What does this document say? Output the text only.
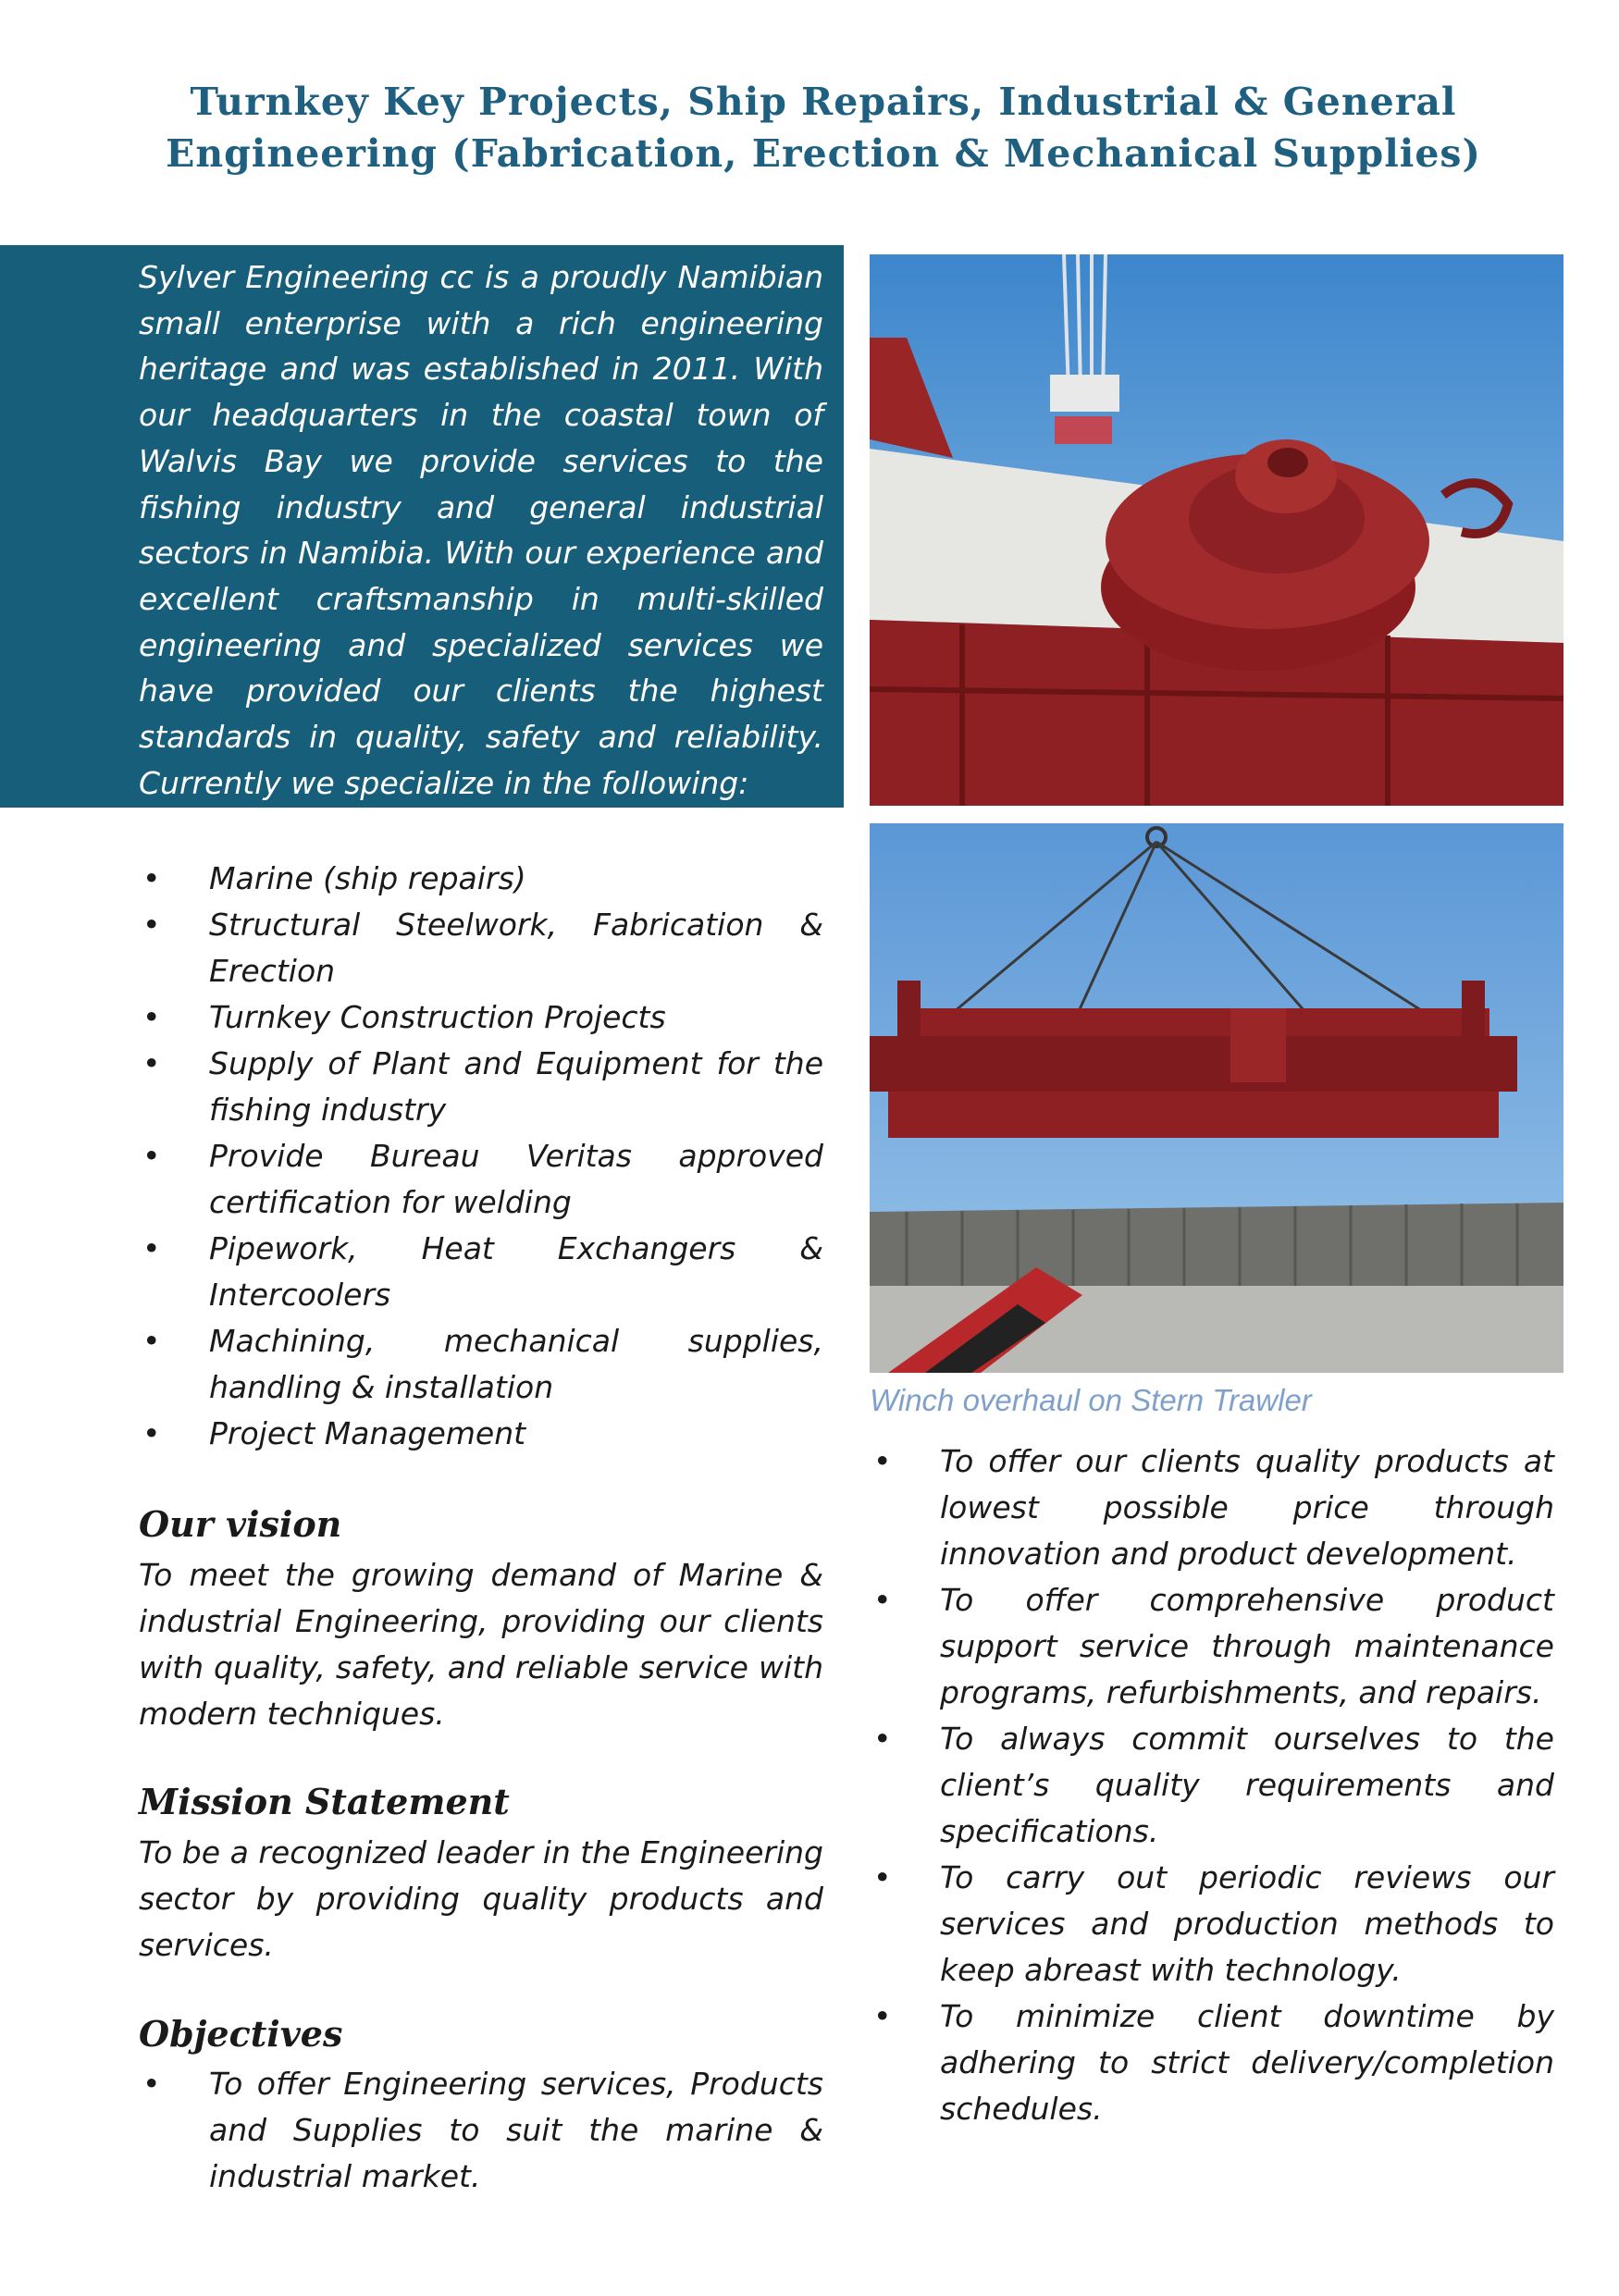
Turnkey Key Projects, Ship Repairs, Industrial & General
Engineering (Fabrication, Erection & Mechanical Supplies)

Sylver Engineering cc is a proudly Namibian small enterprise with a rich engineering heritage and was established in 2011. With our headquarters in the coastal town of Walvis Bay we provide services to the fishing industry and general industrial sectors in Namibia. With our experience and excellent craftsmanship in multi-skilled engineering and specialized services we have provided our clients the highest standards in quality, safety and reliability. Currently we specialize in the following:

• Marine (ship repairs)
• Structural Steelwork, Fabrication & Erection
• Turnkey Construction Projects
• Supply of Plant and Equipment for the fishing industry
• Provide Bureau Veritas approved certification for welding
• Pipework, Heat Exchangers & Intercoolers
• Machining, mechanical supplies, handling & installation
• Project Management
Our vision

To meet the growing demand of Marine & industrial Engineering, providing our clients with quality, safety, and reliable service with modern techniques.

Mission Statement

To be a recognized leader in the Engineering sector by providing quality products and services.

Objectives
• To offer Engineering services, Products and Supplies to suit the marine & industrial market.

Winch overhaul on Stern Trawler

• To offer our clients quality products at lowest possible price through innovation and product development.
• To offer comprehensive product support service through maintenance programs, refurbishments, and repairs.
• To always commit ourselves to the client’s quality requirements and specifications.
• To carry out periodic reviews our services and production methods to keep abreast with technology.
• To minimize client downtime by adhering to strict delivery/completion schedules.
